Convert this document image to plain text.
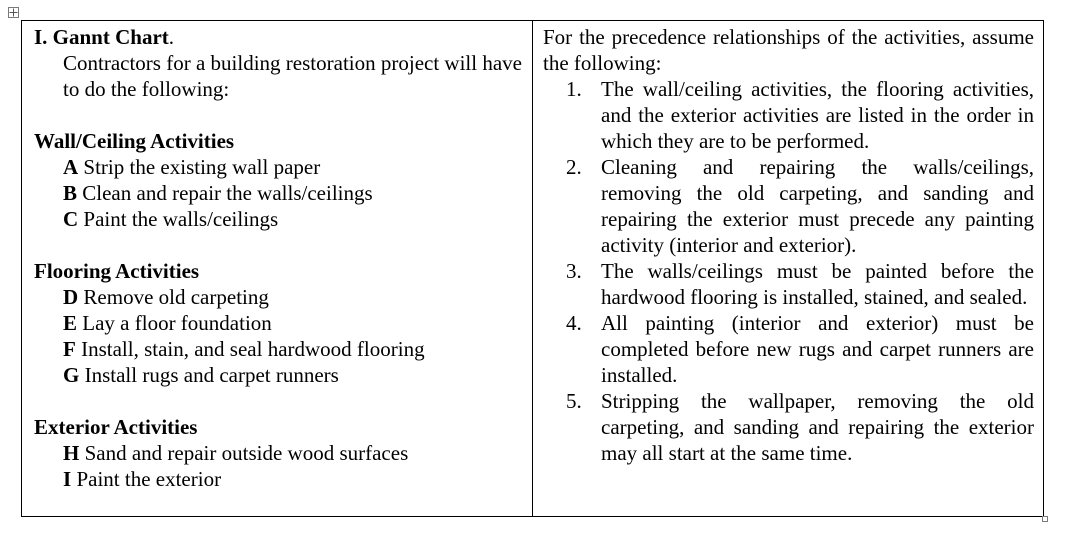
I. Gannt Chart.
Contractors for a building restoration project will have to do the following:
Wall/Ceiling Activities
A Strip the existing wall paper
B Clean and repair the walls/ceilings
C Paint the walls/ceilings
Flooring Activities
D Remove old carpeting
E Lay a floor foundation
F Install, stain, and seal hardwood flooring
G Install rugs and carpet runners
Exterior Activities
H Sand and repair outside wood surfaces
I Paint the exterior

For the precedence relationships of the activities, assume the following:
1. The wall/ceiling activities, the flooring activities, and the exterior activities are listed in the order in which they are to be performed.
2. Cleaning and repairing the walls/ceilings, removing the old carpeting, and sanding and repairing the exterior must precede any painting activity (interior and exterior).
3. The walls/ceilings must be painted before the hardwood flooring is installed, stained, and sealed.
4. All painting (interior and exterior) must be completed before new rugs and carpet runners are installed.
5. Stripping the wallpaper, removing the old carpeting, and sanding and repairing the exterior may all start at the same time.
